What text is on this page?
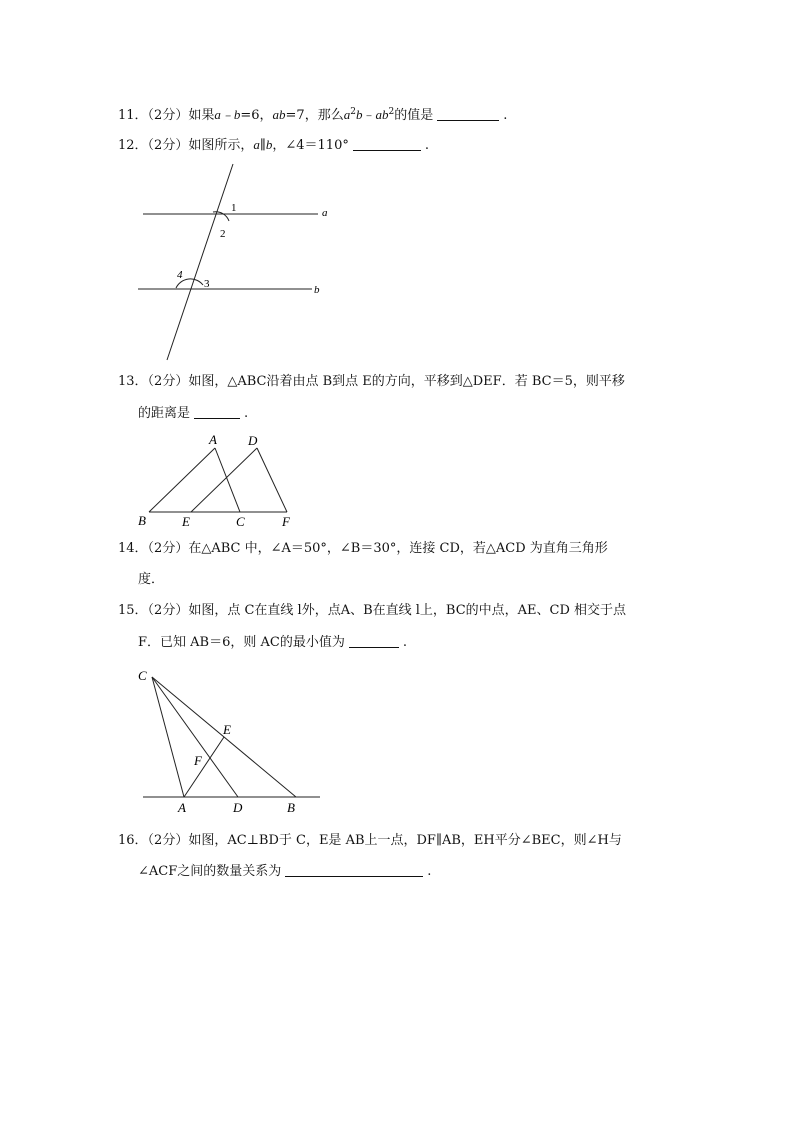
11．（2分）如果a﹣b=6，ab=7，那么$a^2b﹣ab^2$的值是	.
12．（2分）如图所示，a∥b，∠4＝110°	.
1
2
3
4
a
b
13．（2分）如图，△ABC沿着由点 B到点 E的方向，平移到△DEF．若 BC＝5，则平移
的距离是	.
A
B	C
D
E	F
14．（2分）在△ABC 中，∠A＝50°，∠B＝30°，连接 CD，若△ACD 为直角三角形
度．
15．（2分）如图，点 C在直线 l外，点A、B在直线 l上，BC的中点，AE、CD 相交于点
F．已知 AB＝6，则 AC的最小值为	.
C
E
F
A	D	B
16．（2分）如图，AC⊥BD于 C，E是 AB上一点，DF∥AB，EH平分∠BEC，则∠H与
∠ACF之间的数量关系为	.
